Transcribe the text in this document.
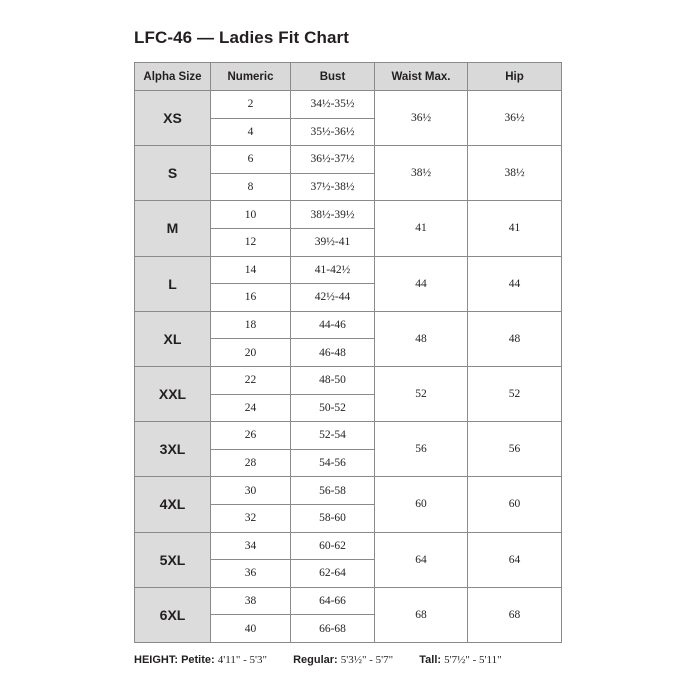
LFC-46 — Ladies Fit Chart
Alpha Size	Numeric	Bust	Waist Max.	Hip
XS	2	34½-35½	36½	36½
	4	35½-36½		
S	6	36½-37½	38½	38½
	8	37½-38½		
M	10	38½-39½	41	41
	12	39½-41		
L	14	41-42½	44	44
	16	42½-44		
XL	18	44-46	48	48
	20	46-48		
XXL	22	48-50	52	52
	24	50-52		
3XL	26	52-54	56	56
	28	54-56		
4XL	30	56-58	60	60
	32	58-60		
5XL	34	60-62	64	64
	36	62-64		
6XL	38	64-66	68	68
	40	66-68		
HEIGHT: Petite: 4'11" - 5'3" Regular: 5'3½" - 5'7" Tall: 5'7½" - 5'11"
